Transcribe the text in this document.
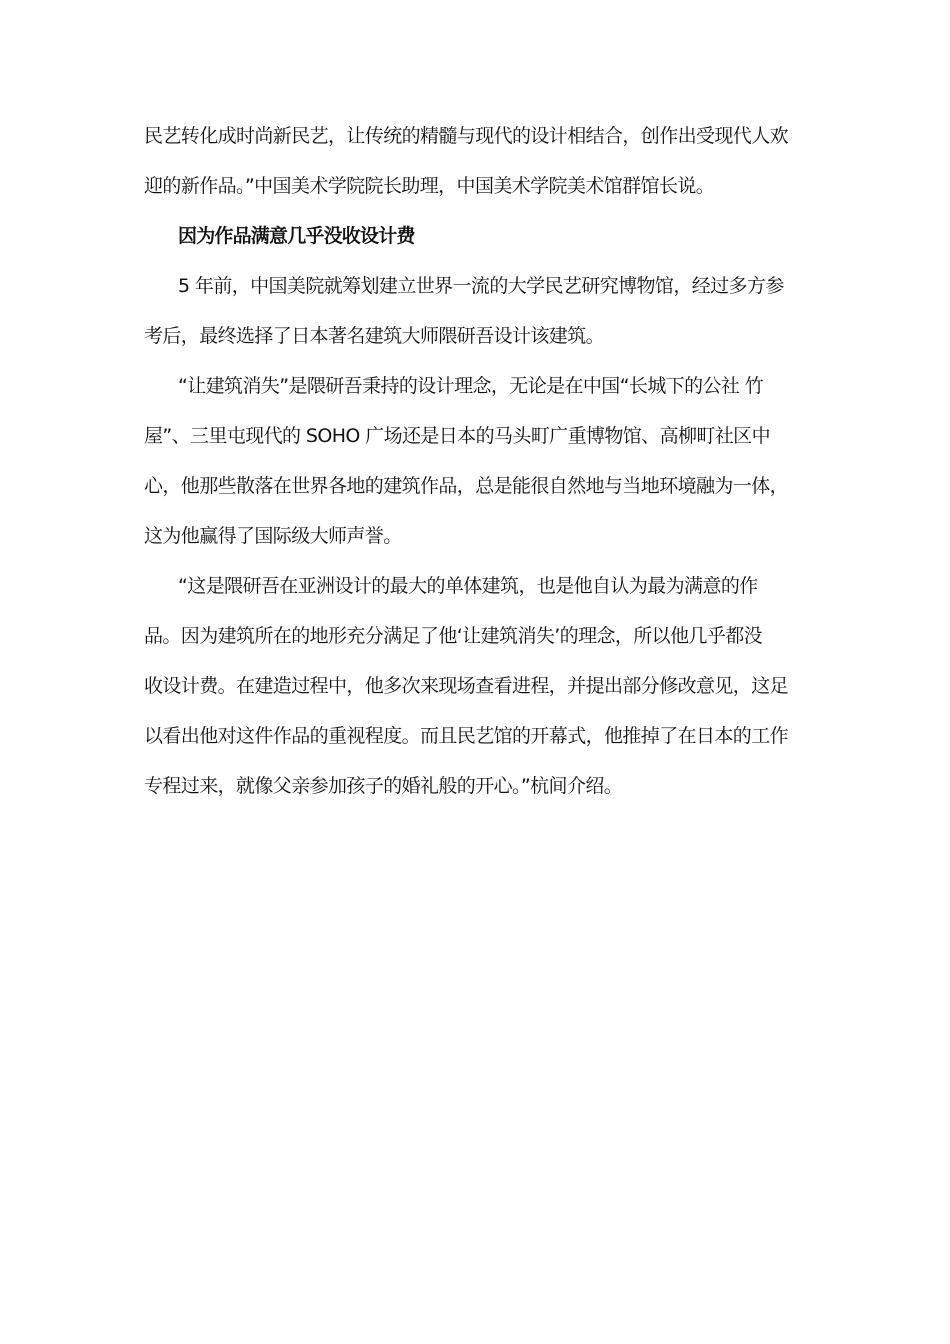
民艺转化成时尚新民艺，让传统的精髓与现代的设计相结合，创作出受现代人欢
迎的新作品。”中国美术学院院长助理，中国美术学院美术馆群馆长说。
因为作品满意几乎没收设计费
5 年前，中国美院就筹划建立世界一流的大学民艺研究博物馆，经过多方参
考后，最终选择了日本著名建筑大师隈研吾设计该建筑。
“让建筑消失”是隈研吾秉持的设计理念，无论是在中国“长城下的公社 竹
屋”、三里屯现代的 SOHO 广场还是日本的马头町广重博物馆、高柳町社区中
心，他那些散落在世界各地的建筑作品，总是能很自然地与当地环境融为一体，
这为他赢得了国际级大师声誉。
“这是隈研吾在亚洲设计的最大的单体建筑，也是他自认为最为满意的作
品。因为建筑所在的地形充分满足了他‘让建筑消失’的理念，所以他几乎都没
收设计费。在建造过程中，他多次来现场查看进程，并提出部分修改意见，这足
以看出他对这件作品的重视程度。而且民艺馆的开幕式，他推掉了在日本的工作
专程过来，就像父亲参加孩子的婚礼般的开心。”杭间介绍。
